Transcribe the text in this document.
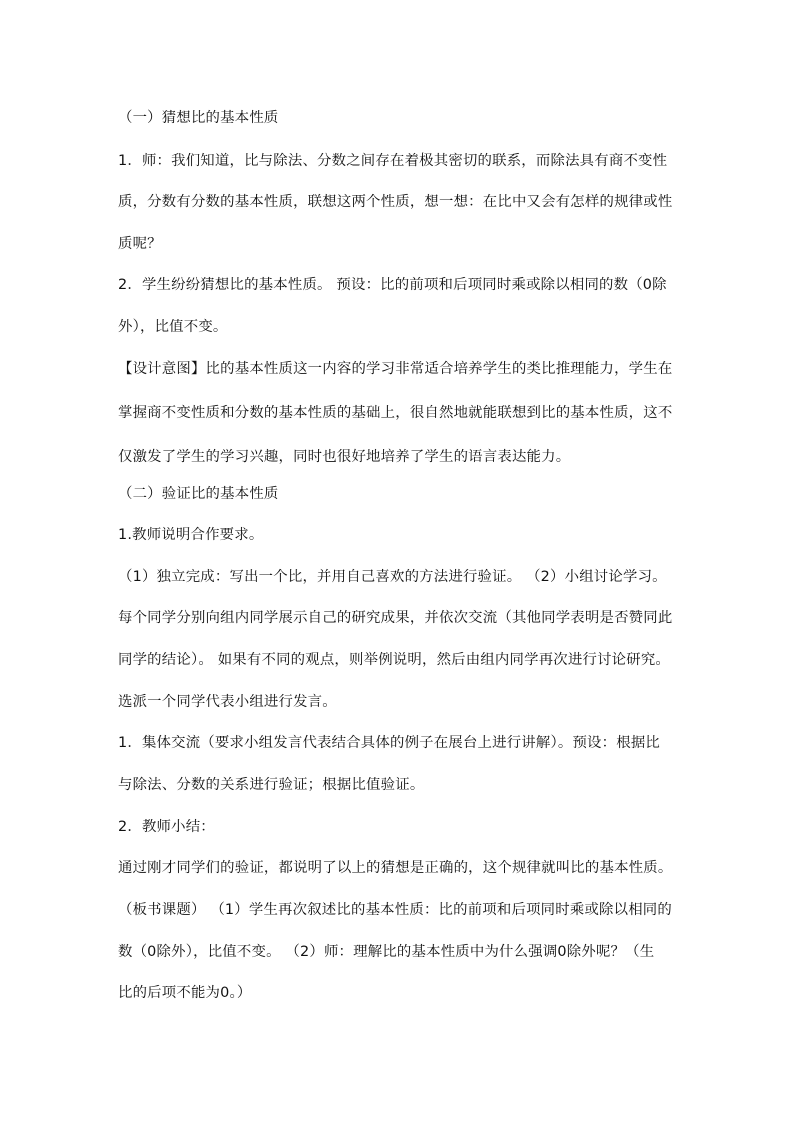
（一）猜想比的基本性质
1．师：我们知道，比与除法、分数之间存在着极其密切的联系，而除法具有商不变性
质，分数有分数的基本性质，联想这两个性质，想一想：在比中又会有怎样的规律或性
质呢？
2．学生纷纷猜想比的基本性质。 预设：比的前项和后项同时乘或除以相同的数（0除
外），比值不变。
【设计意图】比的基本性质这一内容的学习非常适合培养学生的类比推理能力，学生在
掌握商不变性质和分数的基本性质的基础上，很自然地就能联想到比的基本性质，这不
仅激发了学生的学习兴趣，同时也很好地培养了学生的语言表达能力。
（二）验证比的基本性质
1.教师说明合作要求。
（1）独立完成：写出一个比，并用自己喜欢的方法进行验证。 （2）小组讨论学习。
每个同学分别向组内同学展示自己的研究成果，并依次交流（其他同学表明是否赞同此
同学的结论）。 如果有不同的观点，则举例说明，然后由组内同学再次进行讨论研究。
选派一个同学代表小组进行发言。
1．集体交流（要求小组发言代表结合具体的例子在展台上进行讲解）。预设：根据比
与除法、分数的关系进行验证；根据比值验证。
2．教师小结：
通过刚才同学们的验证，都说明了以上的猜想是正确的，这个规律就叫比的基本性质。
（板书课题） （1）学生再次叙述比的基本性质：比的前项和后项同时乘或除以相同的
数（0除外），比值不变。 （2）师：理解比的基本性质中为什么强调0除外呢？（生
比的后项不能为0。）
